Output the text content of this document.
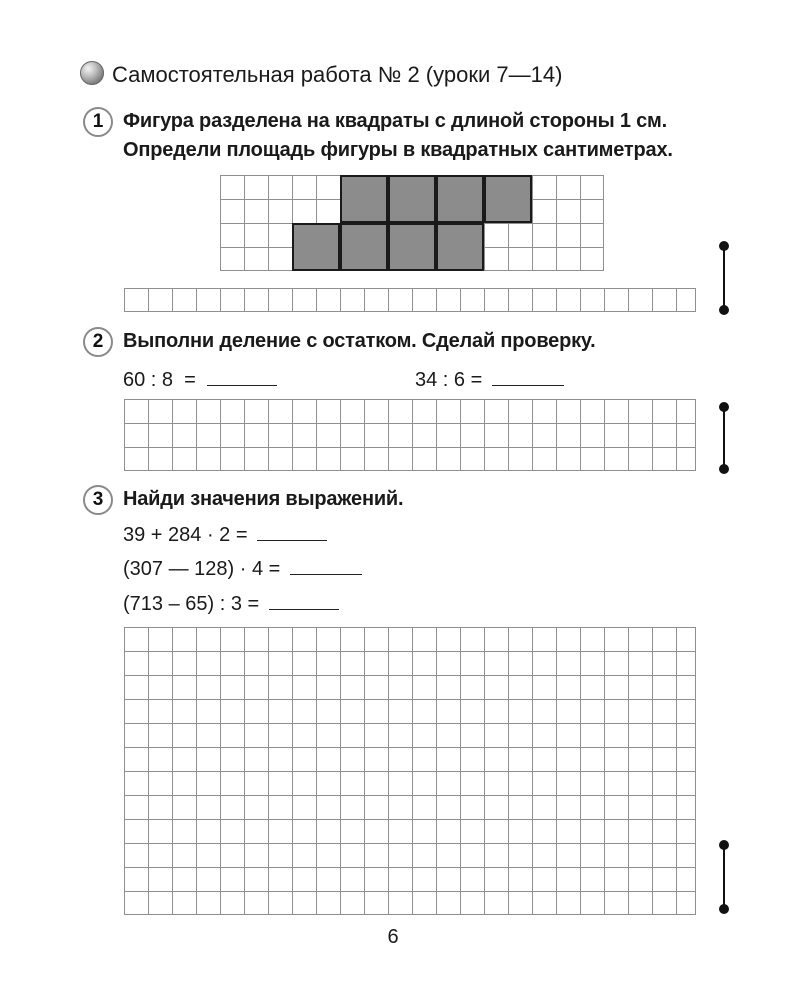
Самостоятельная работа № 2 (уроки 7—14)
1 Фигура разделена на квадраты с длиной стороны 1 см.
Определи площадь фигуры в квадратных сантиметрах.
2 Выполни деление с остатком. Сделай проверку.
60 : 8  =	34 : 6 =
3 Найди значения выражений.
39 + 284 · 2 =
(307 — 128) · 4 =
(713 – 65) : 3 =
6
